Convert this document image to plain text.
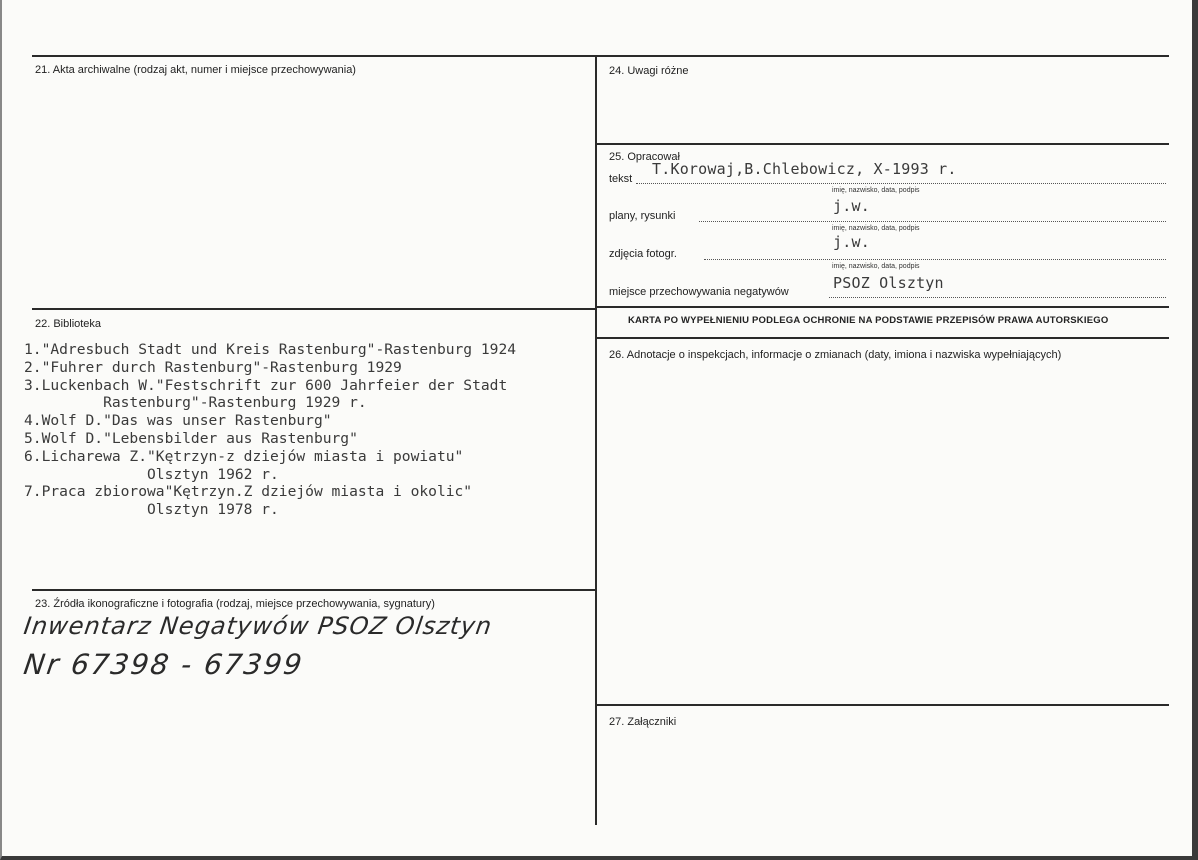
21. Akta archiwalne (rodzaj akt, numer i miejsce przechowywania)
22. Biblioteka
1."Adresbuch Stadt und Kreis Rastenburg"-Rastenburg 1924
2."Fuhrer durch Rastenburg"-Rastenburg 1929
3.Luckenbach W."Festschrift zur 600 Jahrfeier der Stadt
Rastenburg"-Rastenburg 1929 r.
4.Wolf D."Das was unser Rastenburg"
5.Wolf D."Lebensbilder aus Rastenburg"
6.Licharewa Z."Kętrzyn-z dziejów miasta i powiatu"
Olsztyn 1962 r.
7.Praca zbiorowa"Kętrzyn.Z dziejów miasta i okolic"
Olsztyn 1978 r.
23. Źródła ikonograficzne i fotografia (rodzaj, miejsce przechowywania, sygnatury)
Inwentarz Negatywów PSOZ Olsztyn
Nr 67398 - 67399
24. Uwagi różne
25. Opracował
tekst
T.Korowaj,B.Chlebowicz, X-1993 r.
imię, nazwisko, data, podpis
j.w.
plany, rysunki
imię, nazwisko, data, podpis
j.w.
zdjęcia fotogr.
imię, nazwisko, data, podpis
PSOZ Olsztyn
miejsce przechowywania negatywów
KARTA PO WYPEŁNIENIU PODLEGA OCHRONIE NA PODSTAWIE PRZEPISÓW PRAWA AUTORSKIEGO
26. Adnotacje o inspekcjach, informacje o zmianach (daty, imiona i nazwiska wypełniających)
27. Załączniki
